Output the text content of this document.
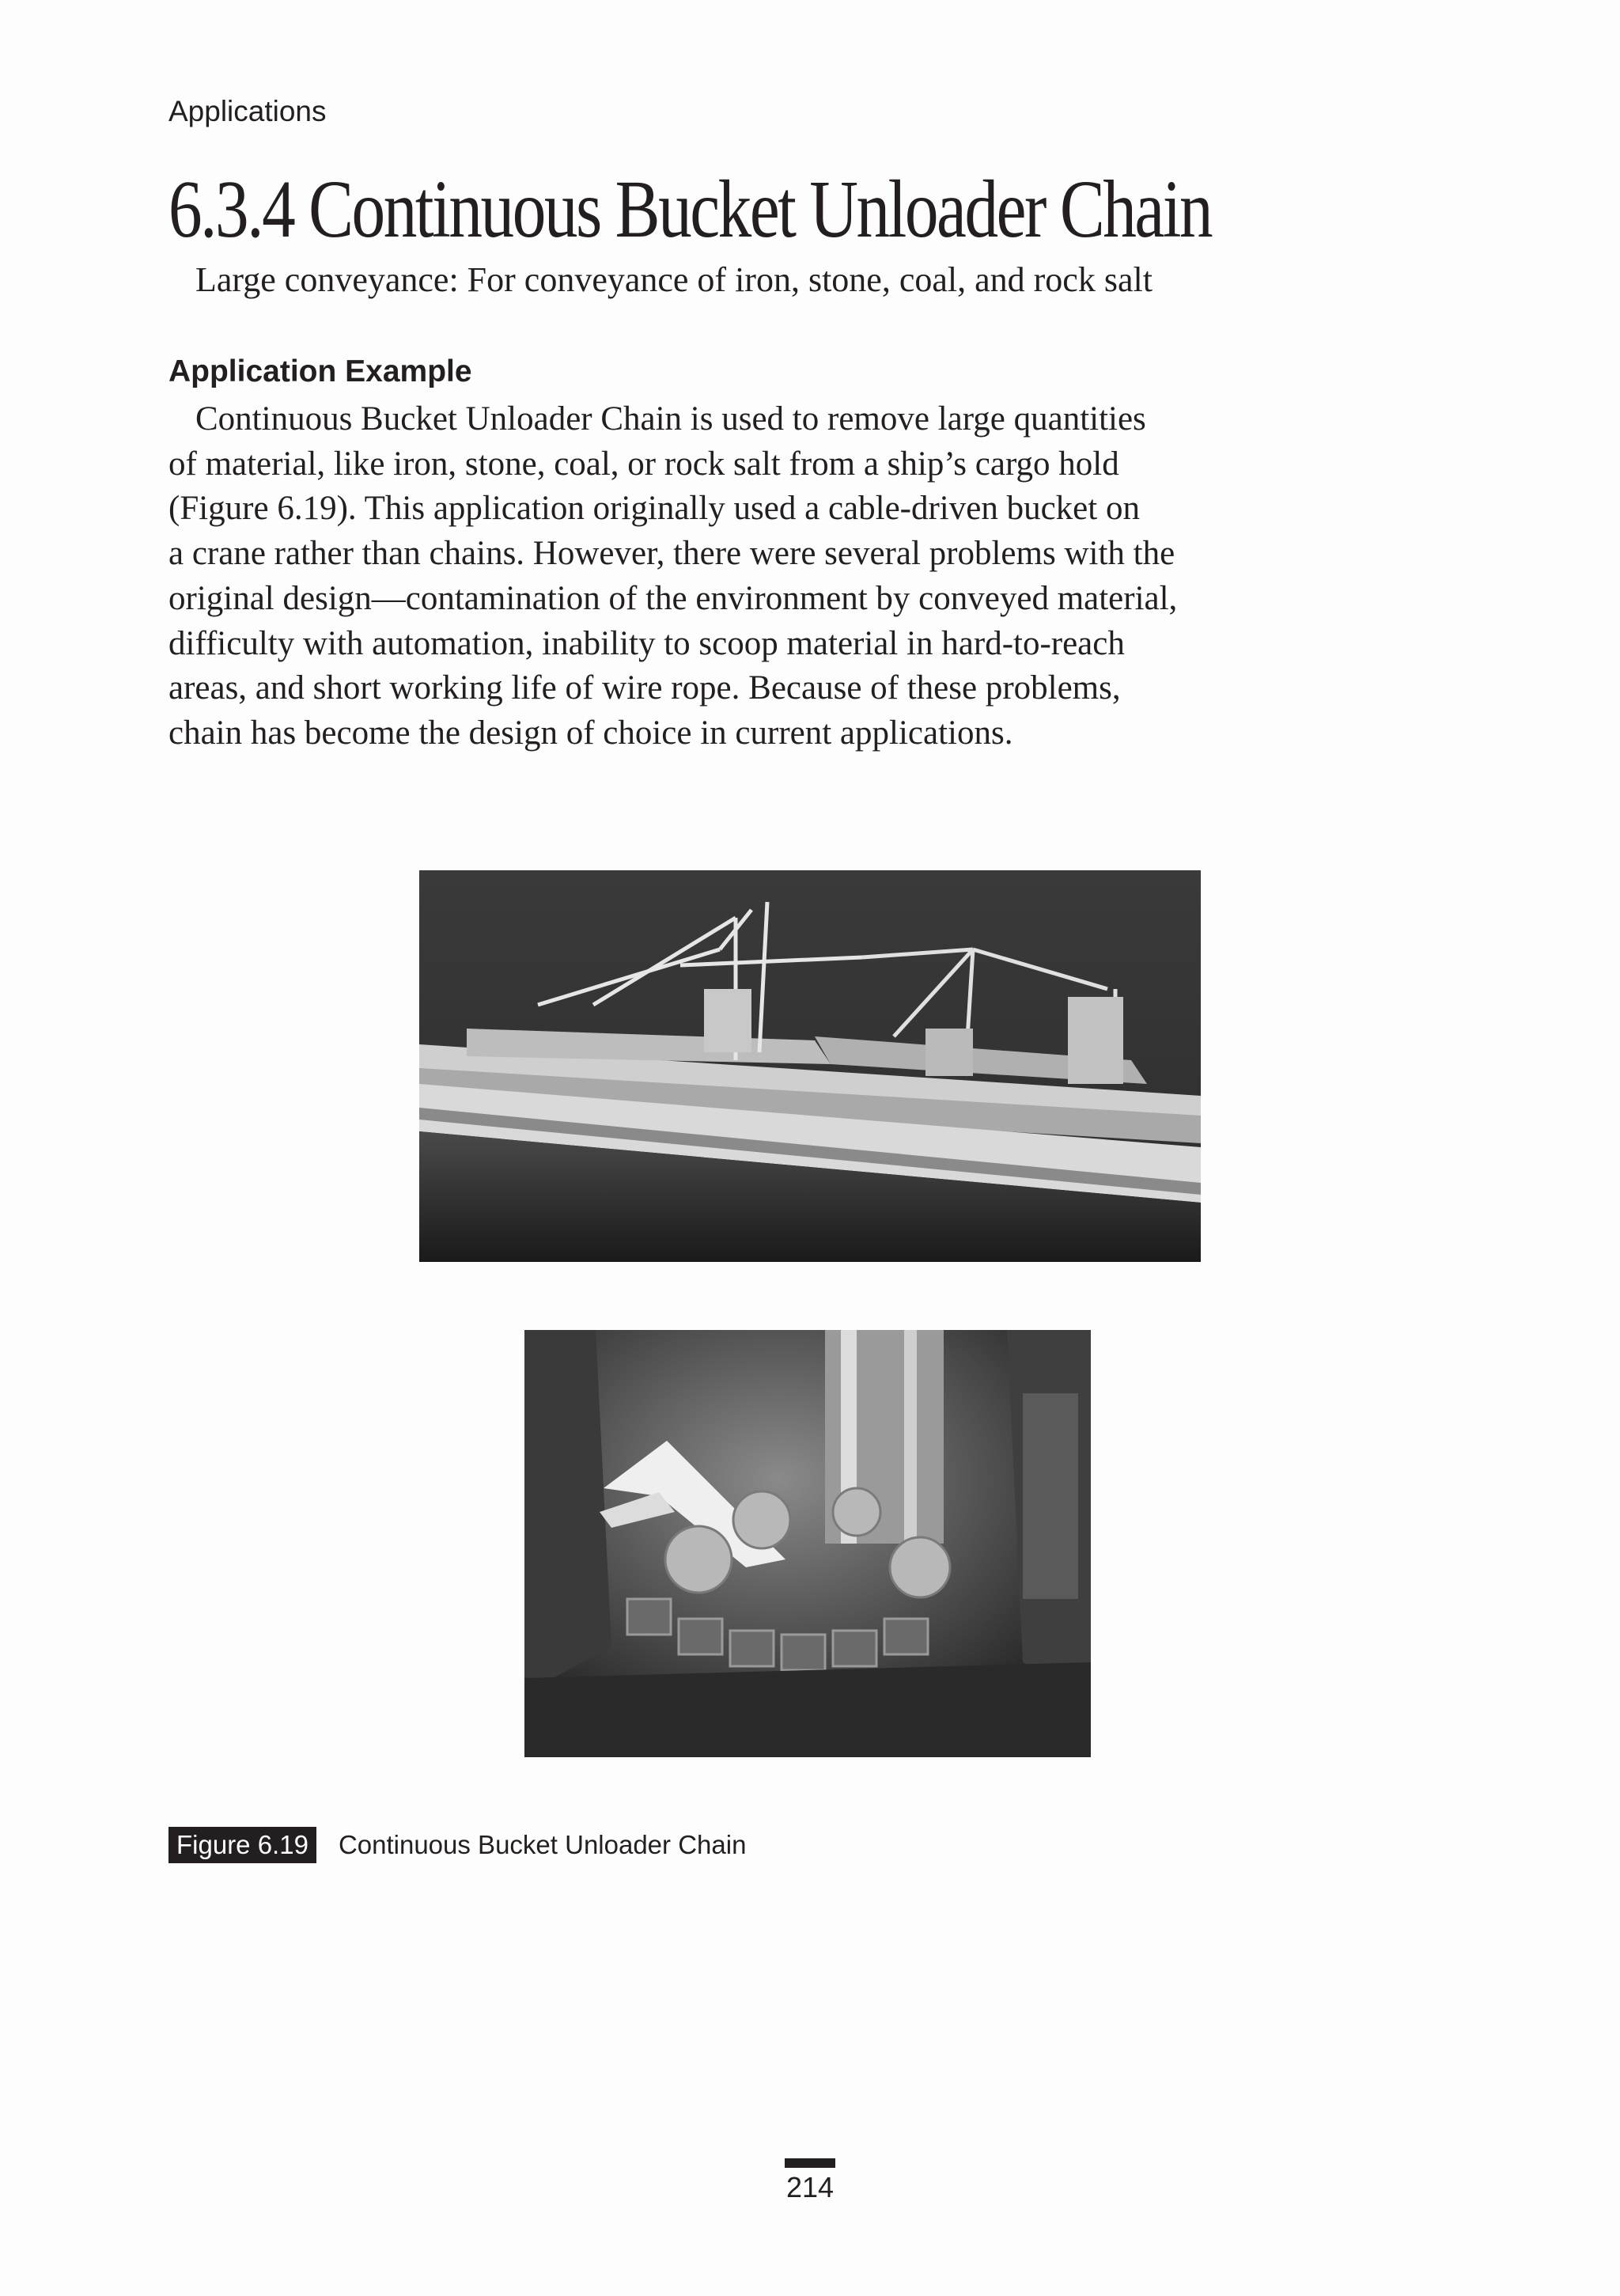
Applications
6.3.4 Continuous Bucket Unloader Chain
Large conveyance: For conveyance of iron, stone, coal, and rock salt
Application Example
Continuous Bucket Unloader Chain is used to remove large quantities
of material, like iron, stone, coal, or rock salt from a ship’s cargo hold
(Figure 6.19). This application originally used a cable-driven bucket on
a crane rather than chains. However, there were several problems with the
original design—contamination of the environment by conveyed material,
difficulty with automation, inability to scoop material in hard-to-reach
areas, and short working life of wire rope. Because of these problems,
chain has become the design of choice in current applications.
Figure 6.19	Continuous Bucket Unloader Chain
214
